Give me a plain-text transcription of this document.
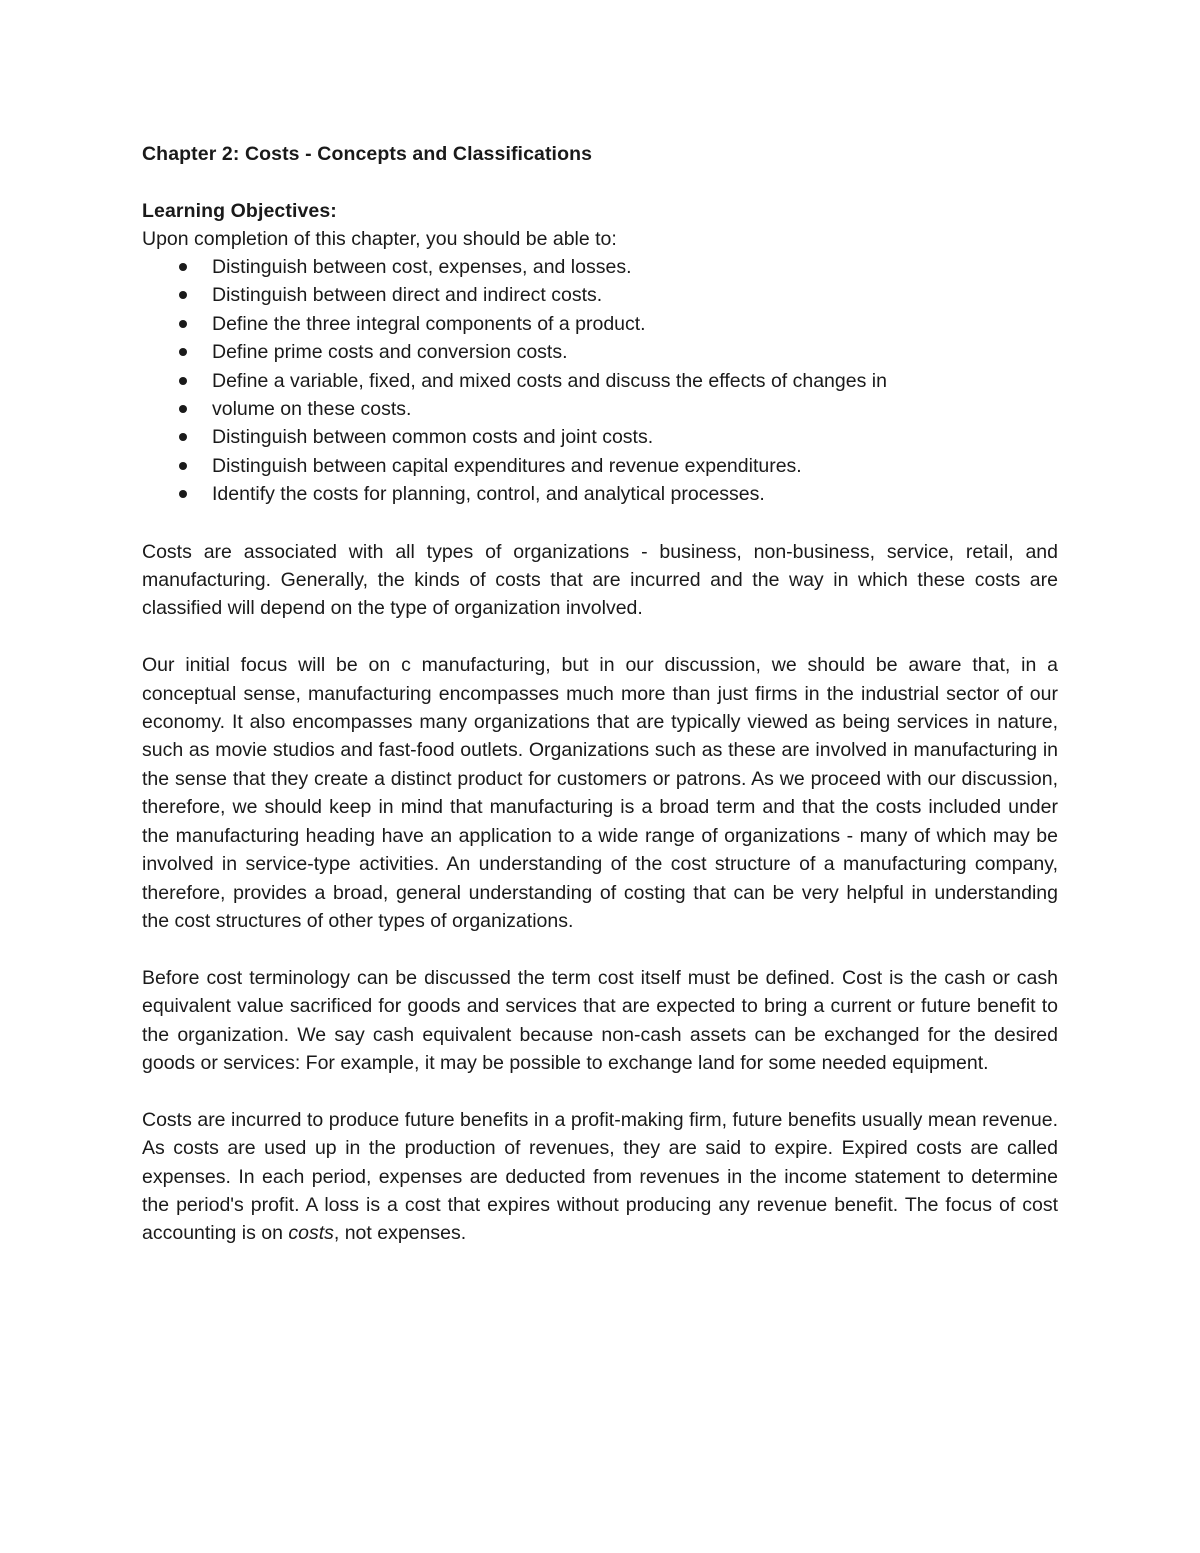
Chapter 2: Costs - Concepts and Classifications
Learning Objectives:
Upon completion of this chapter, you should be able to:
Distinguish between cost, expenses, and losses.
Distinguish between direct and indirect costs.
Define the three integral components of a product.
Define prime costs and conversion costs.
Define a variable, fixed, and mixed costs and discuss the effects of changes in
volume on these costs.
Distinguish between common costs and joint costs.
Distinguish between capital expenditures and revenue expenditures.
Identify the costs for planning, control, and analytical processes.

Costs are associated with all types of organizations - business, non-business, service, retail, and manufacturing. Generally, the kinds of costs that are incurred and the way in which these costs are classified will depend on the type of organization involved.

Our initial focus will be on c manufacturing, but in our discussion, we should be aware that, in a conceptual sense, manufacturing encompasses much more than just firms in the industrial sector of our economy. It also encompasses many organizations that are typically viewed as being services in nature, such as movie studios and fast-food outlets. Organizations such as these are involved in manufacturing in the sense that they create a distinct product for customers or patrons. As we proceed with our discussion, therefore, we should keep in mind that manufacturing is a broad term and that the costs included under the manufacturing heading have an application to a wide range of organizations - many of which may be involved in service-type activities. An understanding of the cost structure of a manufacturing company, therefore, provides a broad, general understanding of costing that can be very helpful in understanding the cost structures of other types of organizations.

Before cost terminology can be discussed the term cost itself must be defined. Cost is the cash or cash equivalent value sacrificed for goods and services that are expected to bring a current or future benefit to the organization. We say cash equivalent because non-cash assets can be exchanged for the desired goods or services: For example, it may be possible to exchange land for some needed equipment.

Costs are incurred to produce future benefits in a profit-making firm, future benefits usually mean revenue. As costs are used up in the production of revenues, they are said to expire. Expired costs are called expenses. In each period, expenses are deducted from revenues in the income statement to determine the period's profit. A loss is a cost that expires without producing any revenue benefit. The focus of cost accounting is on costs, not expenses.
